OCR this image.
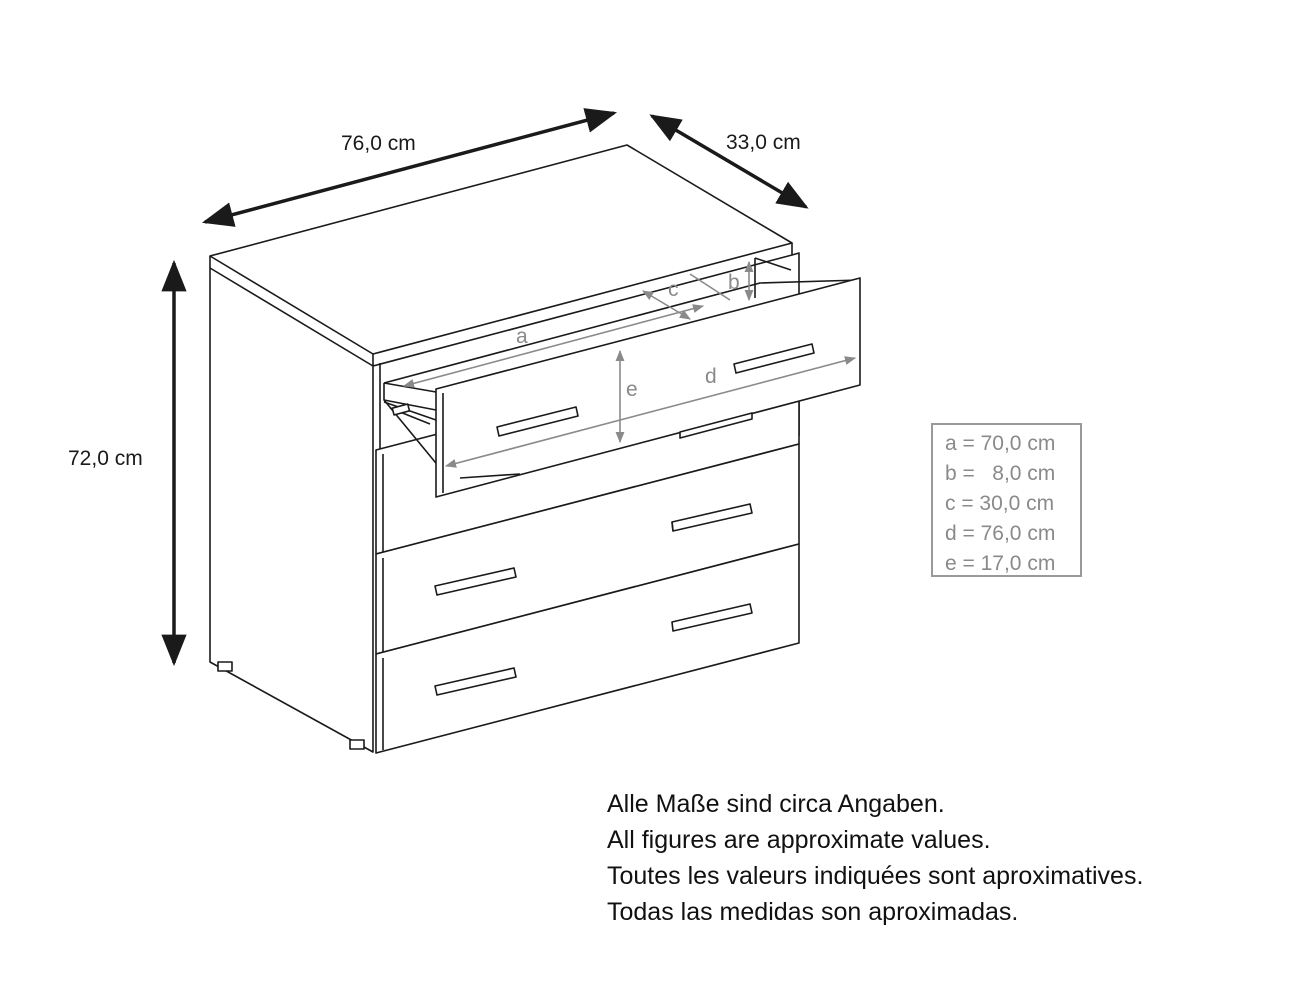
76,0 cm	33,0 cm
72,0 cm
a
b
c
d
e
a = 70,0 cm
b =   8,0 cm
c = 30,0 cm
d = 76,0 cm
e = 17,0 cm
Alle Maße sind circa Angaben.
All figures are approximate values.
Toutes les valeurs indiquées sont aproximatives.
Todas las medidas son aproximadas.
